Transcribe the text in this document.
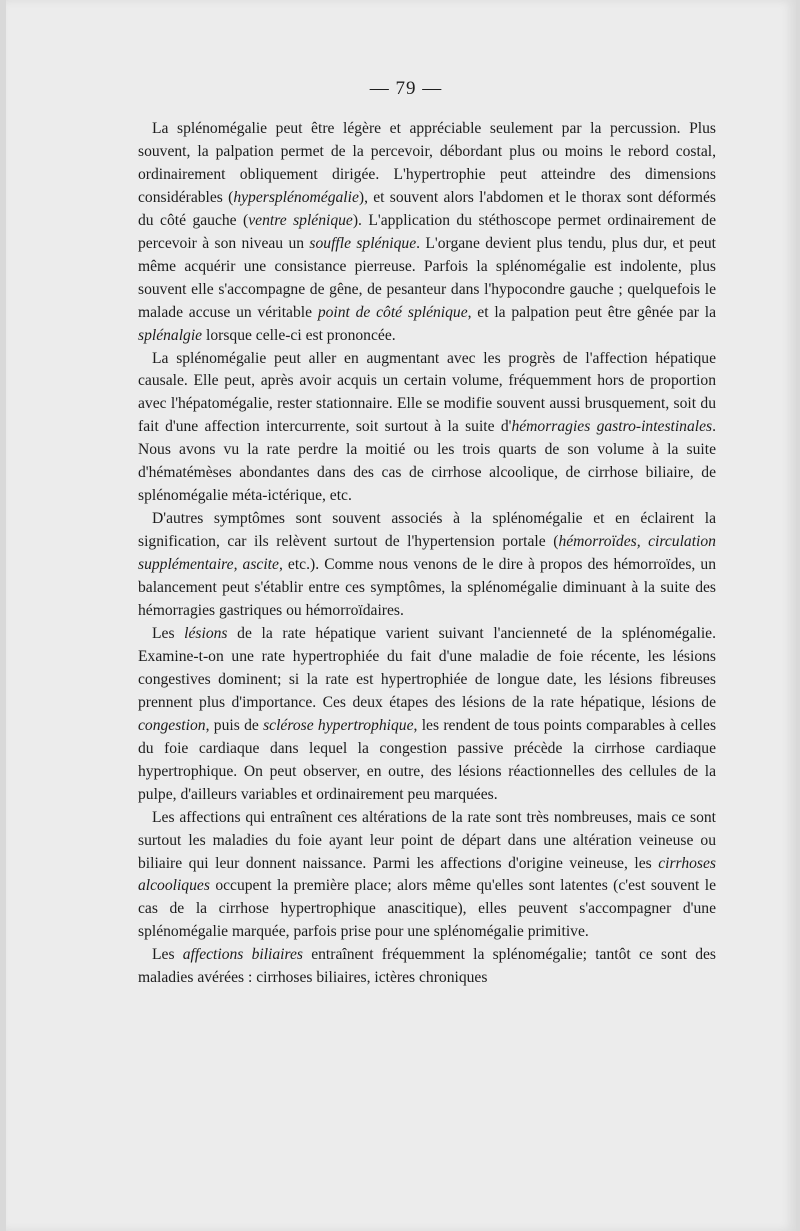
— 79 —

La splénomégalie peut être légère et appréciable seulement par la percussion. Plus souvent, la palpation permet de la percevoir, débordant plus ou moins le rebord costal, ordinairement obliquement dirigée. L'hypertrophie peut atteindre des dimensions considérables (hypersplénomégalie), et souvent alors l'abdomen et le thorax sont déformés du côté gauche (ventre splénique). L'application du stéthoscope permet ordinairement de percevoir à son niveau un souffle splénique. L'organe devient plus tendu, plus dur, et peut même acquérir une consistance pierreuse. Parfois la splénomégalie est indolente, plus souvent elle s'accompagne de gêne, de pesanteur dans l'hypocondre gauche ; quelquefois le malade accuse un véritable point de côté splénique, et la palpation peut être gênée par la splénalgie lorsque celle-ci est prononcée.

La splénomégalie peut aller en augmentant avec les progrès de l'affection hépatique causale. Elle peut, après avoir acquis un certain volume, fréquemment hors de proportion avec l'hépatomégalie, rester stationnaire. Elle se modifie souvent aussi brusquement, soit du fait d'une affection intercurrente, soit surtout à la suite d'hémorragies gastro-intestinales. Nous avons vu la rate perdre la moitié ou les trois quarts de son volume à la suite d'hématémèses abondantes dans des cas de cirrhose alcoolique, de cirrhose biliaire, de splénomégalie méta-ictérique, etc.

D'autres symptômes sont souvent associés à la splénomégalie et en éclairent la signification, car ils relèvent surtout de l'hypertension portale (hémorroïdes, circulation supplémentaire, ascite, etc.). Comme nous venons de le dire à propos des hémorroïdes, un balancement peut s'établir entre ces symptômes, la splénomégalie diminuant à la suite des hémorragies gastriques ou hémorroïdaires.

Les lésions de la rate hépatique varient suivant l'ancienneté de la splénomégalie. Examine-t-on une rate hypertrophiée du fait d'une maladie de foie récente, les lésions congestives dominent; si la rate est hypertrophiée de longue date, les lésions fibreuses prennent plus d'importance. Ces deux étapes des lésions de la rate hépatique, lésions de congestion, puis de sclérose hypertrophique, les rendent de tous points comparables à celles du foie cardiaque dans lequel la congestion passive précède la cirrhose cardiaque hypertrophique. On peut observer, en outre, des lésions réactionnelles des cellules de la pulpe, d'ailleurs variables et ordinairement peu marquées.

Les affections qui entraînent ces altérations de la rate sont très nombreuses, mais ce sont surtout les maladies du foie ayant leur point de départ dans une altération veineuse ou biliaire qui leur donnent naissance. Parmi les affections d'origine veineuse, les cirrhoses alcooliques occupent la première place; alors même qu'elles sont latentes (c'est souvent le cas de la cirrhose hypertrophique anascitique), elles peuvent s'accompagner d'une splénomégalie marquée, parfois prise pour une splénomégalie primitive.

Les affections biliaires entraînent fréquemment la splénomégalie; tantôt ce sont des maladies avérées : cirrhoses biliaires, ictères chroniques
